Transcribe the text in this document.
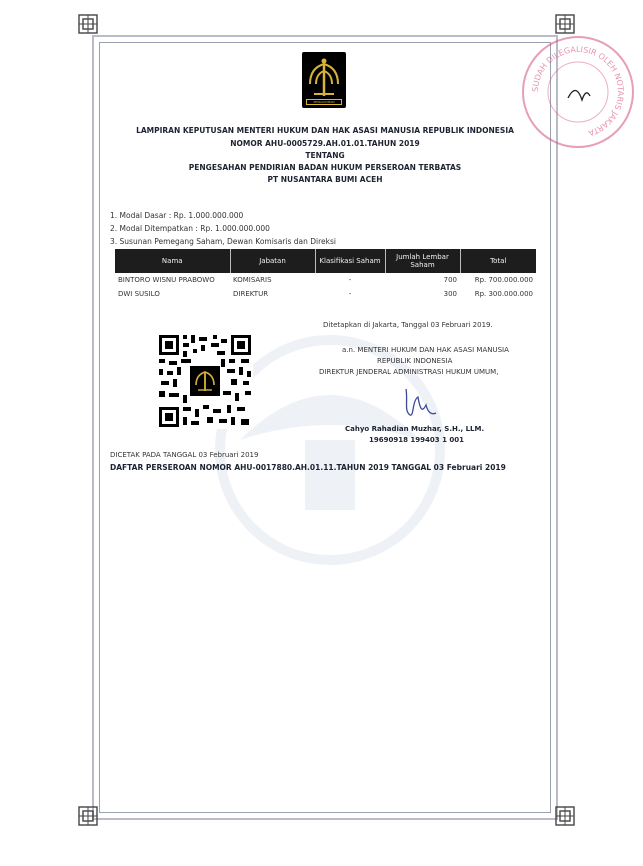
PENGAYOMAN
SUDAH DILEGALISIR OLEH NOTARIS JAKARTA
LAMPIRAN KEPUTUSAN MENTERI HUKUM DAN HAK ASASI MANUSIA REPUBLIK INDONESIA
NOMOR AHU-0005729.AH.01.01.TAHUN 2019
TENTANG
PENGESAHAN PENDIRIAN BADAN HUKUM PERSEROAN TERBATAS
PT NUSANTARA BUMI ACEH
1. Modal Dasar : Rp. 1.000.000.000
2. Modal Ditempatkan : Rp. 1.000.000.000
3. Susunan Pemegang Saham, Dewan Komisaris dan Direksi
Nama	Jabatan	Klasifikasi Saham	Jumlah Lembar Saham	Total
BINTORO WISNU PRABOWO	KOMISARIS	-	700	Rp. 700.000.000
DWI SUSILO	DIREKTUR	-	300	Rp. 300.000.000
Ditetapkan di Jakarta, Tanggal 03 Februari 2019.
a.n. MENTERI HUKUM DAN HAK ASASI MANUSIA
REPUBLIK INDONESIA
DIREKTUR JENDERAL ADMINISTRASI HUKUM UMUM,
Cahyo Rahadian Muzhar, S.H., LLM.
19690918 199403 1 001
DICETAK PADA TANGGAL 03 Februari 2019
DAFTAR PERSEROAN NOMOR AHU-0017880.AH.01.11.TAHUN 2019 TANGGAL 03 Februari 2019
